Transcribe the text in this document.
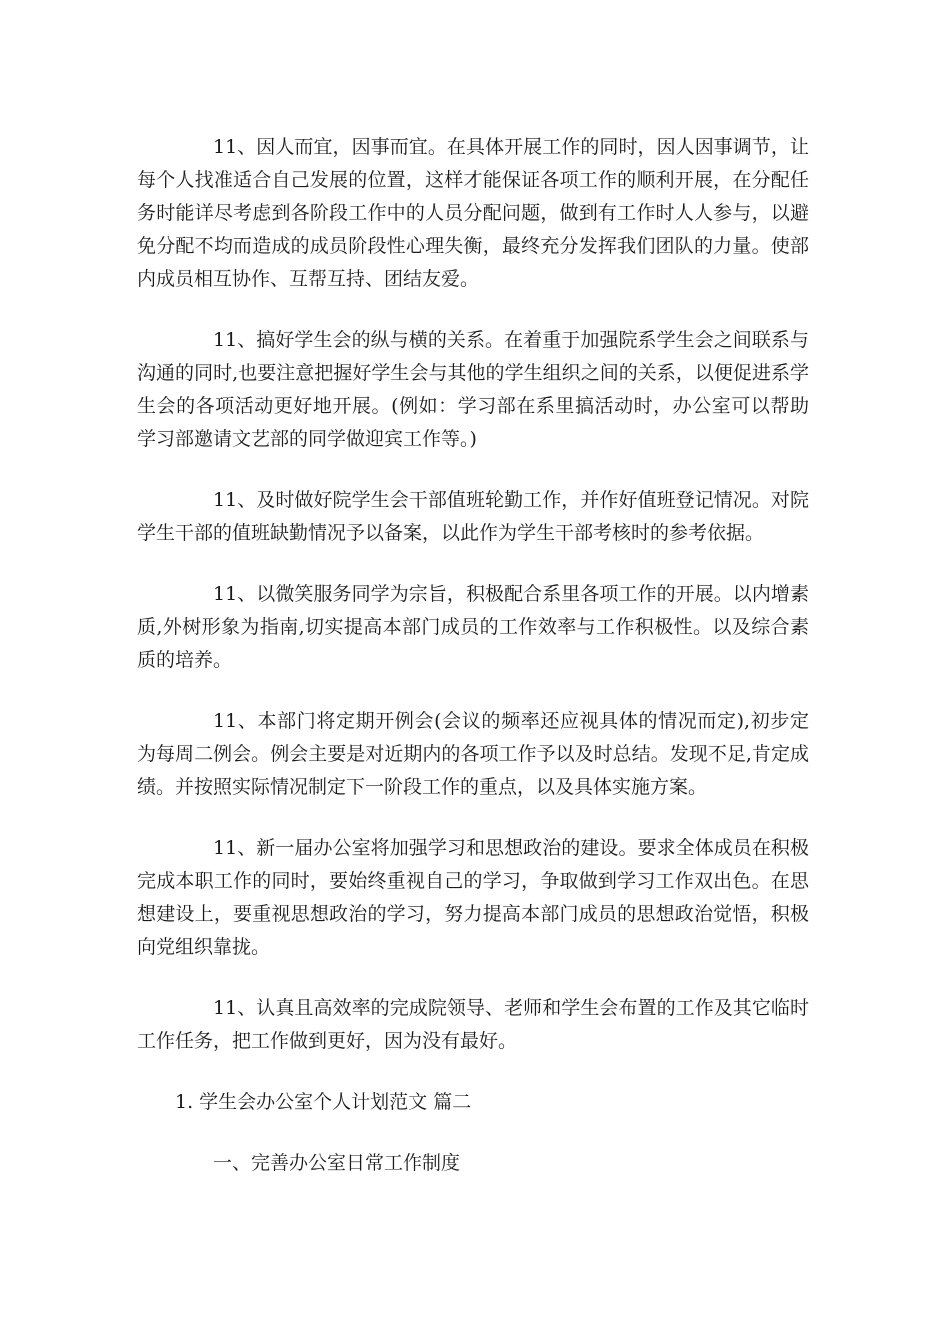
11、因人而宜，因事而宜。在具体开展工作的同时，因人因事调节，让每个人找准适合自己发展的位置，这样才能保证各项工作的顺利开展，在分配任务时能详尽考虑到各阶段工作中的人员分配问题，做到有工作时人人参与，以避免分配不均而造成的成员阶段性心理失衡，最终充分发挥我们团队的力量。使部内成员相互协作、互帮互持、团结友爱。

11、搞好学生会的纵与横的关系。在着重于加强院系学生会之间联系与沟通的同时,也要注意把握好学生会与其他的学生组织之间的关系，以便促进系学生会的各项活动更好地开展。(例如：学习部在系里搞活动时，办公室可以帮助学习部邀请文艺部的同学做迎宾工作等。)

11、及时做好院学生会干部值班轮勤工作，并作好值班登记情况。对院学生干部的值班缺勤情况予以备案，以此作为学生干部考核时的参考依据。

11、以微笑服务同学为宗旨，积极配合系里各项工作的开展。以内增素质,外树形象为指南,切实提高本部门成员的工作效率与工作积极性。以及综合素质的培养。

11、本部门将定期开例会(会议的频率还应视具体的情况而定),初步定为每周二例会。例会主要是对近期内的各项工作予以及时总结。发现不足,肯定成绩。并按照实际情况制定下一阶段工作的重点，以及具体实施方案。

11、新一届办公室将加强学习和思想政治的建设。要求全体成员在积极完成本职工作的同时，要始终重视自己的学习，争取做到学习工作双出色。在思想建设上，要重视思想政治的学习，努力提高本部门成员的思想政治觉悟，积极向党组织靠拢。

11、认真且高效率的完成院领导、老师和学生会布置的工作及其它临时工作任务，把工作做到更好，因为没有最好。

1. 学生会办公室个人计划范文 篇二

一、完善办公室日常工作制度
